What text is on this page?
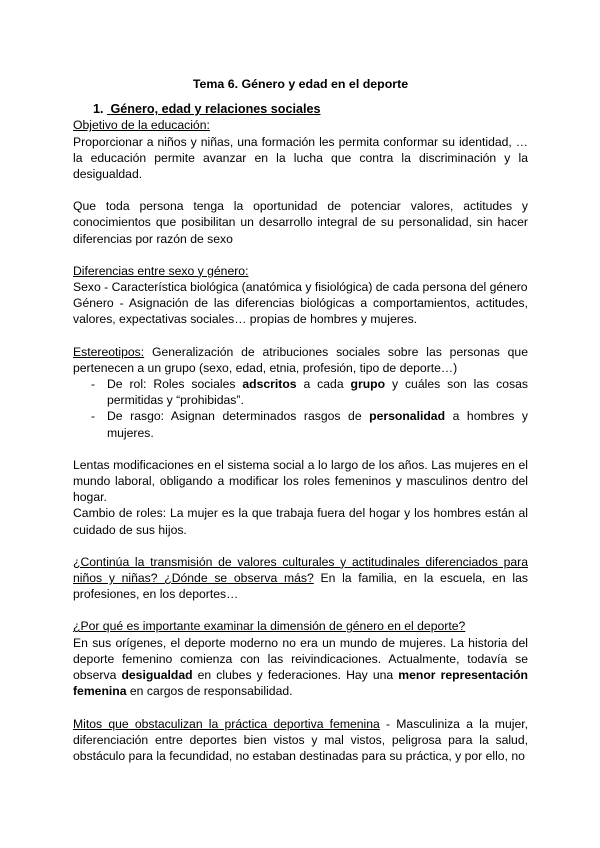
Tema 6. Género y edad en el deporte
1. Género, edad y relaciones sociales

Objetivo de la educación:

Proporcionar a niños y niñas, una formación les permita conformar su identidad, … la educación permite avanzar en la lucha que contra la discriminación y la desigualdad.

Que toda persona tenga la oportunidad de potenciar valores, actitudes y conocimientos que posibilitan un desarrollo integral de su personalidad, sin hacer diferencias por razón de sexo

Diferencias entre sexo y género:

Sexo - Característica biológica (anatómica y fisiológica) de cada persona del género

Género - Asignación de las diferencias biológicas a comportamientos, actitudes, valores, expectativas sociales… propias de hombres y mujeres.

Estereotipos: Generalización de atribuciones sociales sobre las personas que pertenecen a un grupo (sexo, edad, etnia, profesión, tipo de deporte…)

- De rol: Roles sociales adscritos a cada grupo y cuáles son las cosas permitidas y “prohibidas”.
- De rasgo: Asignan determinados rasgos de personalidad a hombres y mujeres.

Lentas modificaciones en el sistema social a lo largo de los años. Las mujeres en el mundo laboral, obligando a modificar los roles femeninos y masculinos dentro del hogar.

Cambio de roles: La mujer es la que trabaja fuera del hogar y los hombres están al cuidado de sus hijos.

¿Continúa la transmisión de valores culturales y actitudinales diferenciados para niños y niñas? ¿Dónde se observa más? En la familia, en la escuela, en las profesiones, en los deportes…

¿Por qué es importante examinar la dimensión de género en el deporte?

En sus orígenes, el deporte moderno no era un mundo de mujeres. La historia del deporte femenino comienza con las reivindicaciones. Actualmente, todavía se observa desigualdad en clubes y federaciones. Hay una menor representación femenina en cargos de responsabilidad.

Mitos que obstaculizan la práctica deportiva femenina - Masculiniza a la mujer, diferenciación entre deportes bien vistos y mal vistos, peligrosa para la salud, obstáculo para la fecundidad, no estaban destinadas para su práctica, y por ello, no
